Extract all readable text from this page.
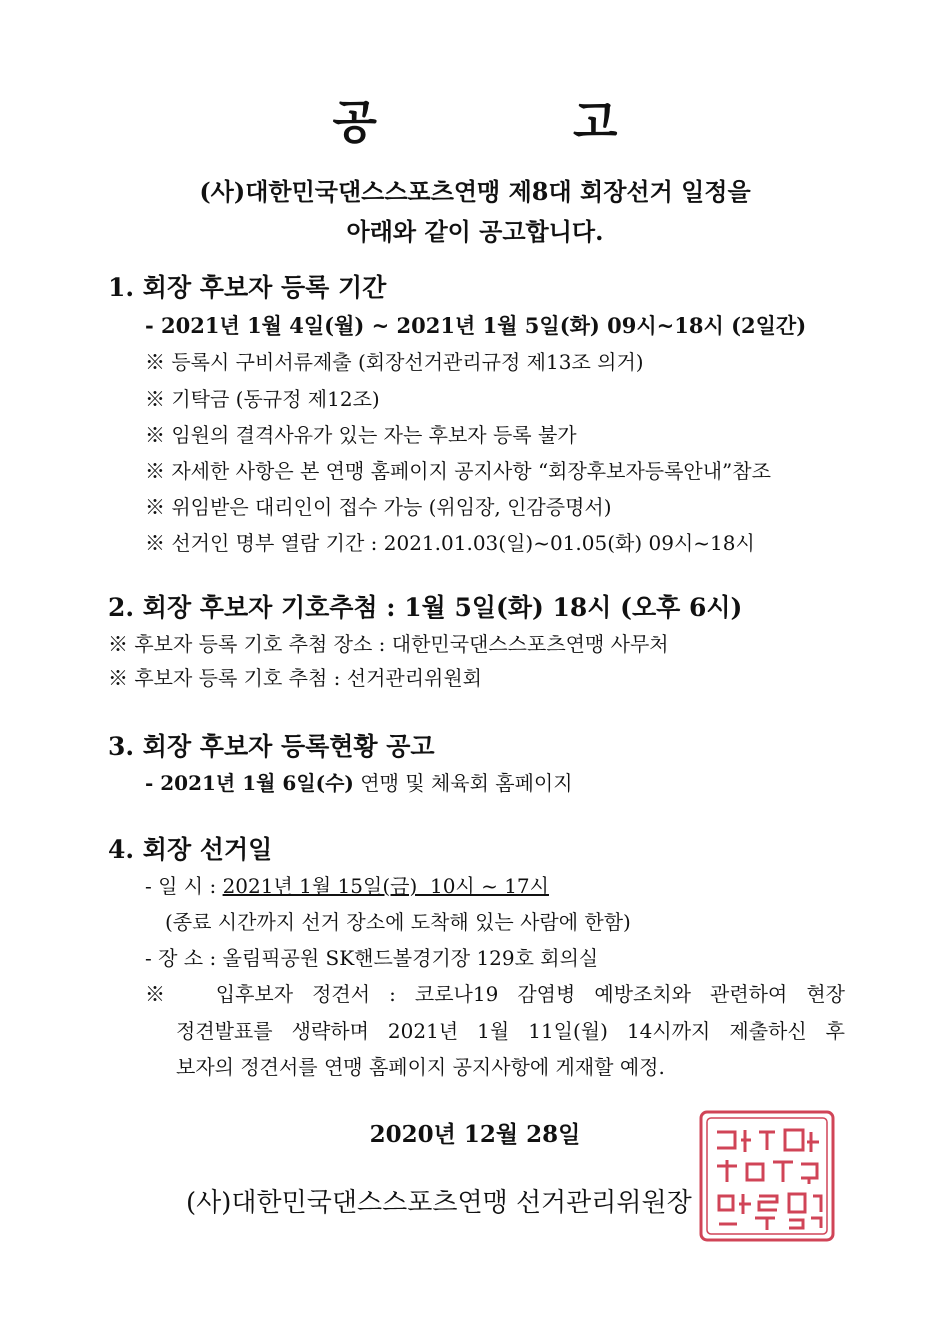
공 고
(사)대한민국댄스스포츠연맹 제8대 회장선거 일정을
아래와 같이 공고합니다.
1. 회장 후보자 등록 기간
- 2021년 1월 4일(월) ~ 2021년 1월 5일(화) 09시~18시 (2일간)
※ 등록시 구비서류제출 (회장선거관리규정 제13조 의거)
※ 기탁금 (동규정 제12조)
※ 임원의 결격사유가 있는 자는 후보자 등록 불가
※ 자세한 사항은 본 연맹 홈페이지 공지사항 “회장후보자등록안내”참조
※ 위임받은 대리인이 접수 가능 (위임장, 인감증명서)
※ 선거인 명부 열람 기간 : 2021.01.03(일)~01.05(화) 09시~18시
2. 회장 후보자 기호추첨 : 1월 5일(화) 18시 (오후 6시)
※ 후보자 등록 기호 추첨 장소 : 대한민국댄스스포츠연맹 사무처
※ 후보자 등록 기호 추첨 : 선거관리위원회
3. 회장 후보자 등록현황 공고
- 2021년 1월 6일(수) 연맹 및 체육회 홈페이지
4. 회장 선거일
- 일 시 : 2021년 1월 15일(금)  10시 ~ 17시
(종료 시간까지 선거 장소에 도착해 있는 사람에 한함)
- 장 소 : 올림픽공원 SK핸드볼경기장 129호 회의실
※  입후보자 정견서 : 코로나19 감염병 예방조치와 관련하여 현장
정견발표를 생략하며 2021년 1월 11일(월) 14시까지 제출하신 후
보자의 정견서를 연맹 홈페이지 공지사항에 게재할 예정.
2020년 12월 28일
(사)대한민국댄스스포츠연맹 선거관리위원장
